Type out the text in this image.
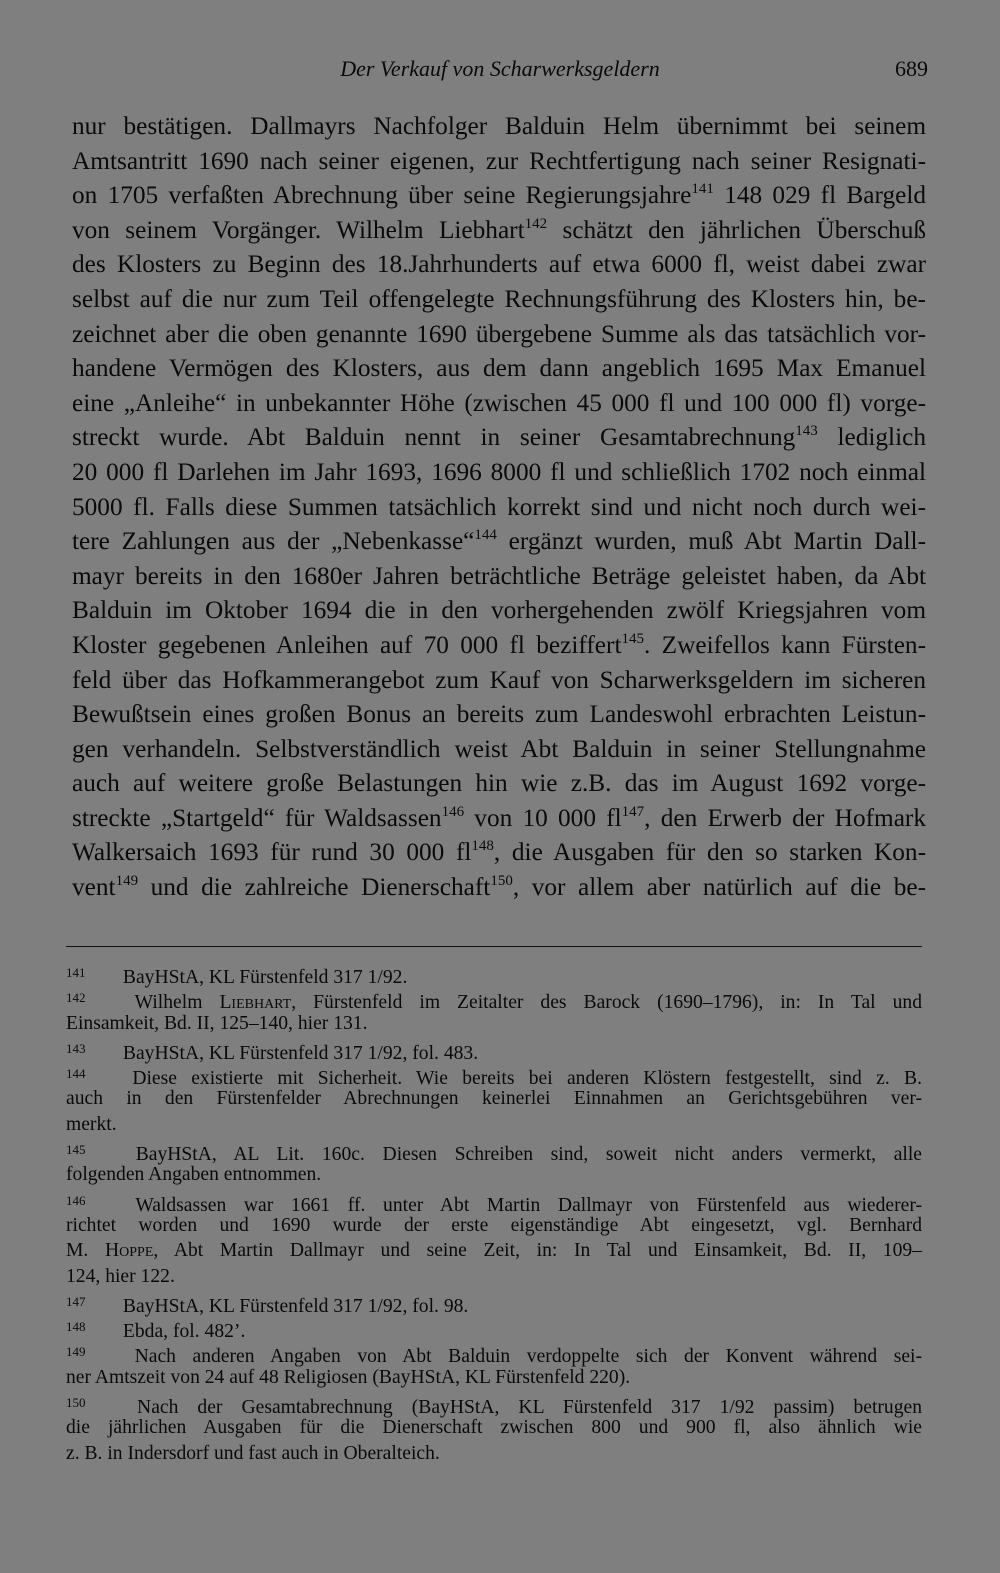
Der Verkauf von Scharwerksgeldern	689
nur bestätigen. Dallmayrs Nachfolger Balduin Helm übernimmt bei seinem
Amtsantritt 1690 nach seiner eigenen, zur Rechtfertigung nach seiner Resignati-
on 1705 verfaßten Abrechnung über seine Regierungsjahre$^{141}$ 148 029 fl Bargeld
von seinem Vorgänger. Wilhelm Liebhart$^{142}$ schätzt den jährlichen Überschuß
des Klosters zu Beginn des 18.Jahrhunderts auf etwa 6000 fl, weist dabei zwar
selbst auf die nur zum Teil offengelegte Rechnungsführung des Klosters hin, be-
zeichnet aber die oben genannte 1690 übergebene Summe als das tatsächlich vor-
handene Vermögen des Klosters, aus dem dann angeblich 1695 Max Emanuel
eine „Anleihe“ in unbekannter Höhe (zwischen 45 000 fl und 100 000 fl) vorge-
streckt wurde. Abt Balduin nennt in seiner Gesamtabrechnung$^{143}$ lediglich
20 000 fl Darlehen im Jahr 1693, 1696 8000 fl und schließlich 1702 noch einmal
5000 fl. Falls diese Summen tatsächlich korrekt sind und nicht noch durch wei-
tere Zahlungen aus der „Nebenkasse“$^{144}$ ergänzt wurden, muß Abt Martin Dall-
mayr bereits in den 1680er Jahren beträchtliche Beträge geleistet haben, da Abt
Balduin im Oktober 1694 die in den vorhergehenden zwölf Kriegsjahren vom
Kloster gegebenen Anleihen auf 70 000 fl beziffert$^{145}$. Zweifellos kann Fürsten-
feld über das Hofkammerangebot zum Kauf von Scharwerksgeldern im sicheren
Bewußtsein eines großen Bonus an bereits zum Landeswohl erbrachten Leistun-
gen verhandeln. Selbstverständlich weist Abt Balduin in seiner Stellungnahme
auch auf weitere große Belastungen hin wie z.B. das im August 1692 vorge-
streckte „Startgeld“ für Waldsassen$^{146}$ von 10 000 $fl^{147}$, den Erwerb der Hofmark
Walkersaich 1693 für rund 30 000 $fl^{148}$, die Ausgaben für den so starken Kon-
vent$^{149}$ und die zahlreiche Dienerschaft$^{150}$, vor allem aber natürlich auf die be-
141 BayHStA, KL Fürstenfeld 317 1/92.
142	Wilhelm Liebhart, Fürstenfeld im Zeitalter des Barock (1690–1796), in: In Tal und
Einsamkeit, Bd. II, 125–140, hier 131.
143 BayHStA, KL Fürstenfeld 317 1/92, fol. 483.
144 Diese existierte mit Sicherheit. Wie bereits bei anderen Klöstern festgestellt, sind z. B.
auch in den Fürstenfelder Abrechnungen keinerlei Einnahmen an Gerichtsgebühren ver-
merkt.
145	BayHStA, AL Lit. 160c. Diesen Schreiben sind, soweit nicht anders vermerkt, alle
folgenden Angaben entnommen.
146	Waldsassen war 1661 ff. unter Abt Martin Dallmayr von Fürstenfeld aus wiederer-
richtet worden und 1690 wurde der erste eigenständige Abt eingesetzt, vgl. Bernhard
M. Hoppe, Abt Martin Dallmayr und seine Zeit, in: In Tal und Einsamkeit, Bd. II, 109–
124, hier 122.
147 BayHStA, KL Fürstenfeld 317 1/92, fol. 98.
148 Ebda, fol. 482’.
149	Nach anderen Angaben von Abt Balduin verdoppelte sich der Konvent während sei-
ner Amtszeit von 24 auf 48 Religiosen (BayHStA, KL Fürstenfeld 220).
150	Nach der Gesamtabrechnung (BayHStA, KL Fürstenfeld 317 1/92 passim) betrugen
die jährlichen Ausgaben für die Dienerschaft zwischen 800 und 900 fl, also ähnlich wie
z. B. in Indersdorf und fast auch in Oberalteich.
